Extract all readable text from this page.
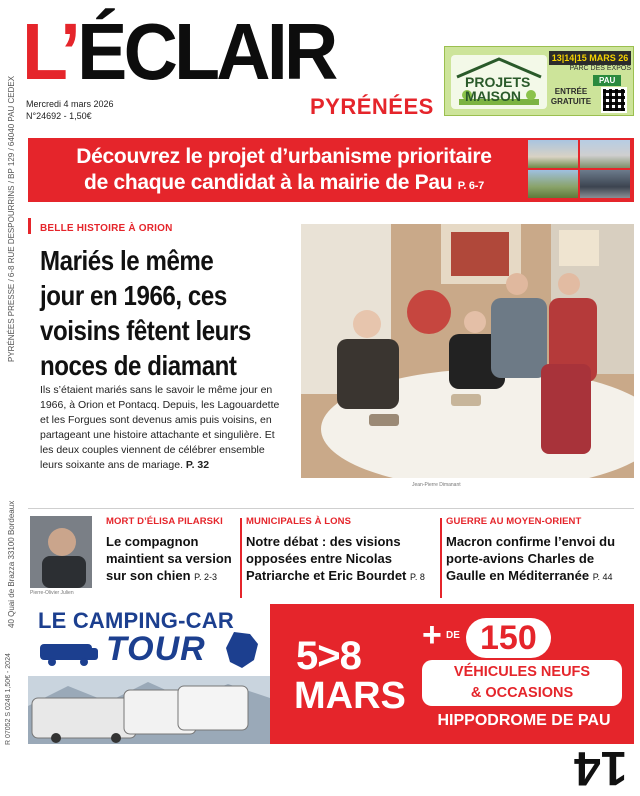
PYRÉNÉES PRESSE / 6-8 RUE DESPOURRINS / BP 129 / 64040 PAU CEDEX
40 Quai de Brazza 33100 Bordeaux
R 07052 S 0248 1,50€ - 2024
L’ÉCLAIR
PYRÉNÉES
Mercredi 4 mars 2026
N°24692 - 1,50€
PROJETS MAISON
13|14|15 MARS 26
PARC DES EXPOS
PAU
ENTRÉE GRATUITE
Découvrez le projet d’urbanisme prioritaire
de chaque candidat à la mairie de Pau P. 6-7
BELLE HISTOIRE À ORION
Mariés le même jour en 1966, ces voisins fêtent leurs noces de diamant
Ils s’étaient mariés sans le savoir le même jour en 1966, à Orion et Pontacq. Depuis, les Lagouardette et les Forgues sont devenus amis puis voisins, en partageant une histoire attachante et singulière. Et les deux couples viennent de célébrer ensemble leurs soixante ans de mariage. P. 32
Jean-Pierre Dimanant
Pierre-Olivier Julien
MORT D’ÉLISA PILARSKI
Le compagnon maintient sa version sur son chien P. 2-3
MUNICIPALES À LONS
Notre débat : des visions opposées entre Nicolas Patriarche et Eric Bourdet P. 8
GUERRE AU MOYEN-ORIENT
Macron confirme l’envoi du porte-avions Charles de Gaulle en Méditerranée P. 44
LE CAMPING-CAR
TOUR 5>8
MARS
+ DE 150
VÉHICULES NEUFS
& OCCASIONS
HIPPODROME DE PAU
14
